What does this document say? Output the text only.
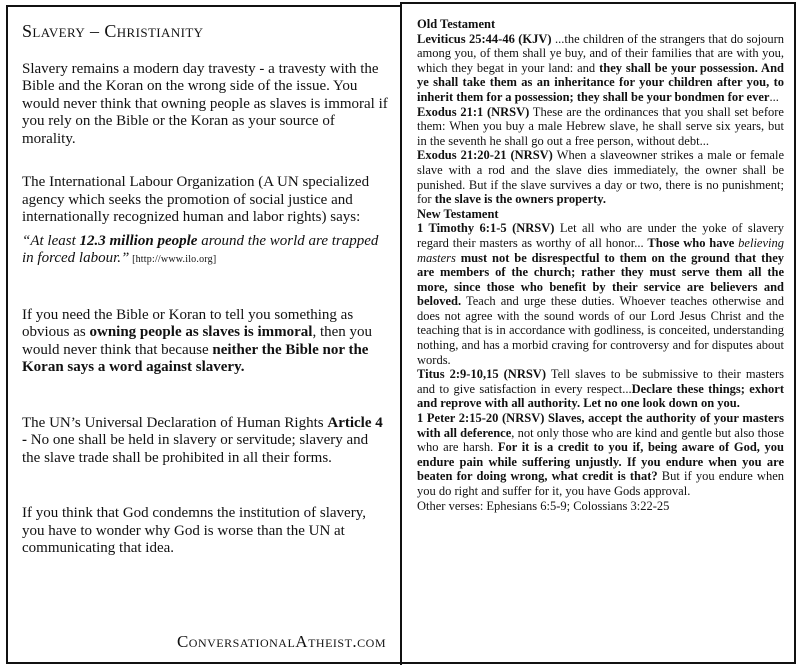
Slavery – Christianity

Slavery remains a modern day travesty - a travesty with the Bible and the Koran on the wrong side of the issue. You would never think that owning people as slaves is immoral if you rely on the Bible or the Koran as your source of morality.

The International Labour Organization (A UN specialized agency which seeks the promotion of social justice and internationally recognized human and labor rights) says:

“At least 12.3 million people around the world are trapped in forced labour.” [http://www.ilo.org]

If you need the Bible or Koran to tell you something as obvious as owning people as slaves is immoral, then you would never think that because neither the Bible nor the Koran says a word against slavery.

The UN’s Universal Declaration of Human Rights Article 4 - No one shall be held in slavery or servitude; slavery and the slave trade shall be prohibited in all their forms.

If you think that God condemns the institution of slavery, you have to wonder why God is worse than the UN at communicating that idea.

ConversationalAtheist.com
Old Testament
Leviticus 25:44-46 (KJV) ...the children of the strangers that do sojourn among you, of them shall ye buy, and of their families that are with you, which they begat in your land: and they shall be your possession. And ye shall take them as an inheritance for your children after you, to inherit them for a possession; they shall be your bondmen for ever...
Exodus 21:1 (NRSV) These are the ordinances that you shall set before them: When you buy a male Hebrew slave, he shall serve six years, but in the seventh he shall go out a free person, without debt...
Exodus 21:20-21 (NRSV) When a slaveowner strikes a male or female slave with a rod and the slave dies immediately, the owner shall be punished. But if the slave survives a day or two, there is no punishment; for the slave is the owners property.
New Testament
1 Timothy 6:1-5 (NRSV) Let all who are under the yoke of slavery regard their masters as worthy of all honor... Those who have believing masters must not be disrespectful to them on the ground that they are members of the church; rather they must serve them all the more, since those who benefit by their service are believers and beloved. Teach and urge these duties. Whoever teaches otherwise and does not agree with the sound words of our Lord Jesus Christ and the teaching that is in accordance with godliness, is conceited, understanding nothing, and has a morbid craving for controversy and for disputes about words.
Titus 2:9-10,15 (NRSV) Tell slaves to be submissive to their masters and to give satisfaction in every respect...Declare these things; exhort and reprove with all authority. Let no one look down on you.
1 Peter 2:15-20 (NRSV) Slaves, accept the authority of your masters with all deference, not only those who are kind and gentle but also those who are harsh. For it is a credit to you if, being aware of God, you endure pain while suffering unjustly. If you endure when you are beaten for doing wrong, what credit is that? But if you endure when you do right and suffer for it, you have Gods approval.
Other verses: Ephesians 6:5-9; Colossians 3:22-25
